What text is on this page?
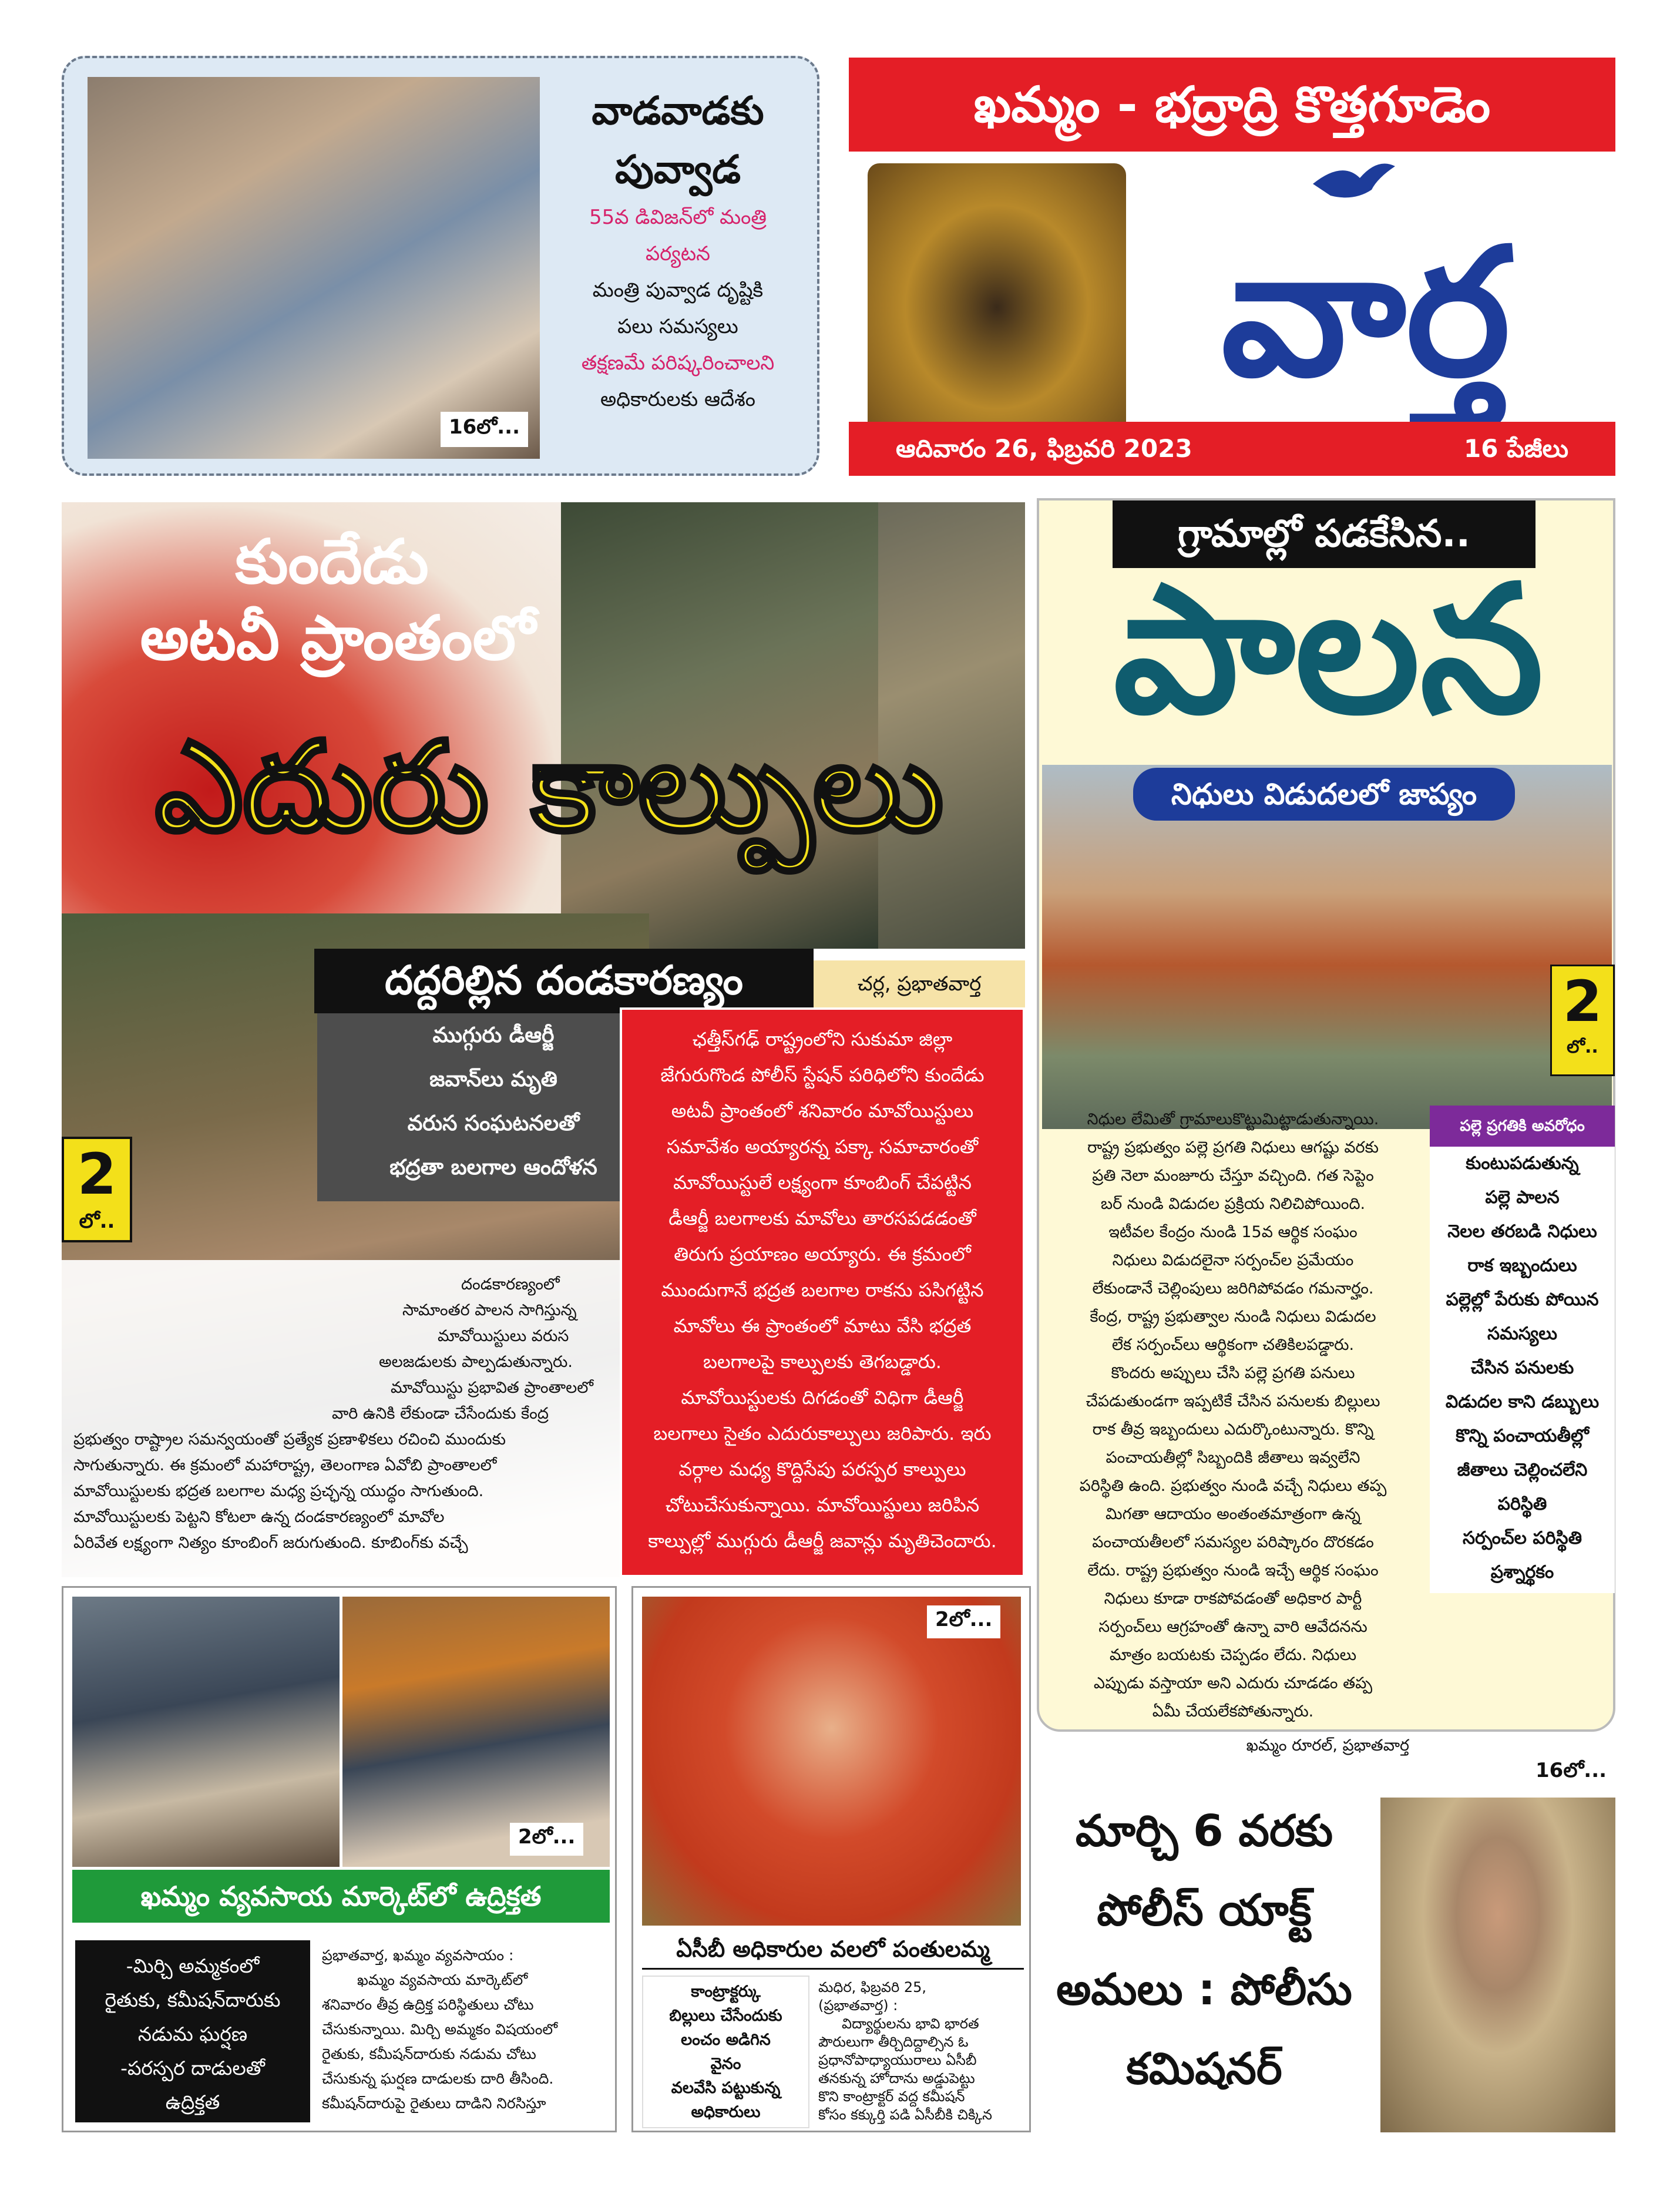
16లో...
వాడవాడకు
పువ్వాడ
55వ డివిజన్‌లో మంత్రి
పర్యటన
మంత్రి పువ్వాడ దృష్టికి
పలు సమస్యలు
తక్షణమే పరిష్కరించాలని
అధికారులకు ఆదేశం
ఖమ్మం - భద్రాద్రి కొత్తగూడెం
వార్త
ఆదివారం 26, ఫిబ్రవరి 2023	16 పేజీలు
కుందేడు
అటవీ ప్రాంతంలో
ఎదురు కాల్పులు
దద్దరిల్లిన దండకారణ్యం	చర్ల, ప్రభాతవార్త
ముగ్గురు డీఆర్జీ
జవాన్‌లు మృతి
వరుస సంఘటనలతో
భద్రతా బలగాల ఆందోళన
2
లో..
దండకారణ్యంలో
సామాంతర పాలన సాగిస్తున్న
మావోయిస్టులు వరుస
అలజడులకు పాల్పడుతున్నారు.
మావోయిస్టు ప్రభావిత ప్రాంతాలలో
వారి ఉనికి లేకుండా చేసేందుకు కేంద్ర
ప్రభుత్వం రాష్ట్రాల సమన్వయంతో ప్రత్యేక ప్రణాళికలు రచించి ముందుకు
సాగుతున్నారు. ఈ క్రమంలో మహారాష్ట్ర, తెలంగాణ ఏవోబి ప్రాంతాలలో
మావోయిస్టులకు భద్రత బలగాల మధ్య ప్రచ్ఛన్న యుద్ధం సాగుతుంది.
మావోయిస్టులకు పెట్టని కోటలా ఉన్న దండకారణ్యంలో మావోల
ఏరివేత లక్ష్యంగా నిత్యం కూంబింగ్ జరుగుతుంది. కూబింగ్‌కు వచ్చే
ఛత్తీస్‌గఢ్ రాష్ట్రంలోని సుకుమా జిల్లా
జేగురుగొండ పోలీస్ స్టేషన్ పరిధిలోని కుందేడు
అటవీ ప్రాంతంలో శనివారం మావోయిస్టులు
సమావేశం అయ్యారన్న పక్కా సమాచారంతో
మావోయిస్టులే లక్ష్యంగా కూంబింగ్ చేపట్టిన
డీఆర్జీ బలగాలకు మావోలు తారసపడడంతో
తిరుగు ప్రయాణం అయ్యారు. ఈ క్రమంలో
ముందుగానే భద్రత బలగాల రాకను పసిగట్టిన
మావోలు ఈ ప్రాంతంలో మాటు వేసి భద్రత
బలగాలపై కాల్పులకు తెగబడ్డారు.
మావోయిస్టులకు దిగడంతో విధిగా డీఆర్జీ
బలగాలు సైతం ఎదురుకాల్పులు జరిపారు. ఇరు
వర్గాల మధ్య కొద్దిసేపు పరస్పర కాల్పులు
చోటుచేసుకున్నాయి. మావోయిస్టులు జరిపిన
కాల్పుల్లో ముగ్గురు డీఆర్జీ జవాన్లు మృతిచెందారు.
గ్రామాల్లో పడకేసిన..
పాలన
నిధులు విడుదలలో జాప్యం
2
లో..
నిధుల లేమితో గ్రామాలుకొట్టుమిట్టాడుతున్నాయి.
రాష్ట్ర ప్రభుత్వం పల్లె ప్రగతి నిధులు ఆగష్టు వరకు
ప్రతి నెలా మంజూరు చేస్తూ వచ్చింది. గత సెప్టెం
బర్ నుండి విడుదల ప్రక్రియ నిలిచిపోయింది.
ఇటీవల కేంద్రం నుండి 15వ ఆర్థిక సంఘం
నిధులు విడుదలైనా సర్పంచ్‌ల ప్రమేయం
లేకుండానే చెల్లింపులు జరిగిపోవడం గమనార్హం.
కేంద్ర, రాష్ట్ర ప్రభుత్వాల నుండి నిధులు విడుదల
లేక సర్పంచ్‌లు ఆర్థికంగా చతికిలపడ్డారు.
కొందరు అప్పులు చేసి పల్లె ప్రగతి పనులు
చేపడుతుండగా ఇప్పటికే చేసిన పనులకు బిల్లులు
రాక తీవ్ర ఇబ్బందులు ఎదుర్కొంటున్నారు. కొన్ని
పంచాయతీల్లో సిబ్బందికి జీతాలు ఇవ్వలేని
పరిస్థితి ఉంది. ప్రభుత్వం నుండి వచ్చే నిధులు తప్ప
మిగతా ఆదాయం అంతంతమాత్రంగా ఉన్న
పంచాయతీలలో సమస్యల పరిష్కారం దొరకడం
లేదు. రాష్ట్ర ప్రభుత్వం నుండి ఇచ్చే ఆర్థిక సంఘం
నిధులు కూడా రాకపోవడంతో అధికార పార్టీ
సర్పంచ్‌లు ఆగ్రహంతో ఉన్నా వారి ఆవేదనను
మాత్రం బయటకు చెప్పడం లేదు. నిధులు
ఎప్పుడు వస్తాయా అని ఎదురు చూడడం తప్ప
ఏమీ చేయలేకపోతున్నారు.
ఖమ్మం రూరల్, ప్రభాతవార్త
పల్లె ప్రగతికి అవరోధం
కుంటుపడుతున్న
పల్లె పాలన
నెలల తరబడి నిధులు
రాక ఇబ్బందులు
పల్లెల్లో పేరుకు పోయిన
సమస్యలు
చేసిన పనులకు
విడుదల కాని డబ్బులు
కొన్ని పంచాయతీల్లో
జీతాలు చెల్లించలేని
పరిస్థితి
సర్పంచ్‌ల పరిస్థితి
ప్రశ్నార్థకం
2లో...
ఖమ్మం వ్యవసాయ మార్కెట్‌లో ఉద్రిక్తత
-మిర్చి అమ్మకంలో
రైతుకు, కమీషన్‌దారుకు
నడుమ ఘర్షణ
-పరస్పర దాడులతో
ఉద్రిక్తత
ప్రభాతవార్త, ఖమ్మం వ్యవసాయం :
ఖమ్మం వ్యవసాయ మార్కెట్‌లో
శనివారం తీవ్ర ఉద్రిక్త పరిస్థితులు చోటు
చేసుకున్నాయి. మిర్చి అమ్మకం విషయంలో
రైతుకు, కమీషన్‌దారుకు నడుమ చోటు
చేసుకున్న ఘర్షణ దాడులకు దారి తీసింది.
కమీషన్‌దారుపై రైతులు దాడిని నిరసిస్తూ
2లో...
ఏసీబీ అధికారుల వలలో పంతులమ్మ
కాంట్రాక్టర్కు
బిల్లులు చేసేందుకు
లంచం అడిగిన
వైనం
వలవేసి పట్టుకున్న
అధికారులు
మధిర, ఫిబ్రవరి 25,
(ప్రభాతవార్త) :
విద్యార్థులను భావి భారత
పౌరులుగా తీర్చిదిద్దాల్సిన ఓ
ప్రధానోపాధ్యాయురాలు ఏసీబీ
తనకున్న హోదాను అడ్డుపెట్టు
కొని కాంట్రాక్టర్ వద్ద కమీషన్
కోసం కక్కుర్తి పడి ఏసీబీకి చిక్కిన
16లో...
మార్చి 6 వరకు
పోలీస్ యాక్ట్
అమలు : పోలీసు
కమిషనర్
